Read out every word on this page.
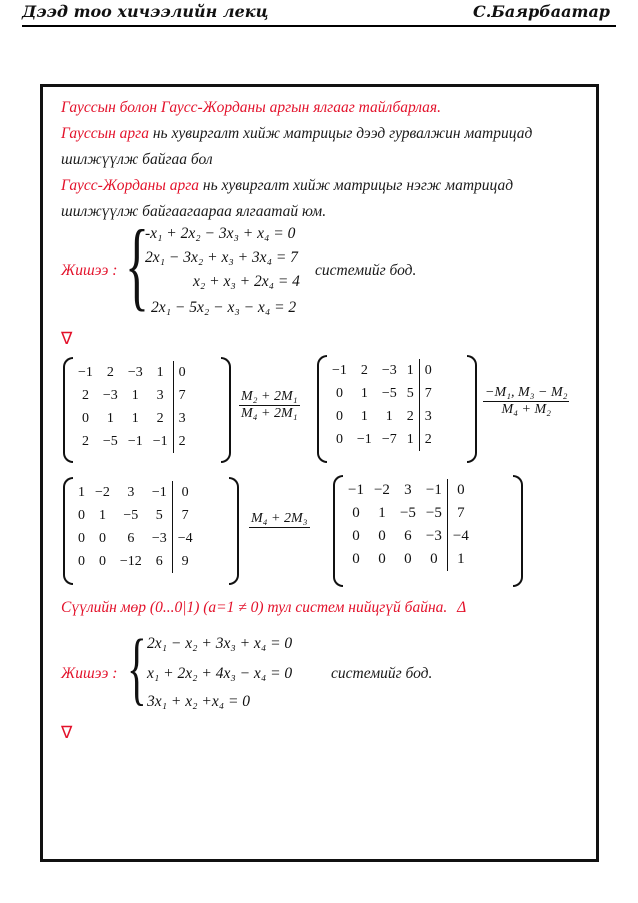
Дээд тоо хичээлийн лекц	С.Баярбаатар
Гауссын болон Гаусс-Жорданы аргын ялгааг тайлбарлая.
Гауссын арга нь хувиргалт хийж матрицыг дээд гурвалжин матрицад
шилжүүлж байгаа бол
Гаусс-Жорданы арга нь хувиргалт хийж матрицыг нэгж матрицад
шилжүүлж байгаагаараа ялгаатай юм.
Жишээ : {
-x₁ + 2x₂ − 3x₃ + x₄ = 0
2x₁ − 3x₂ + x₃ + 3x₄ = 7
x₂ + x₃ + 2x₄ = 4
2x₁ − 5x₂ − x₃ − x₄ = 2
системийг бод.
∇
−1	2	−3	1	0
2	−3	1	3	7
0	1	1	2	3
2	−5	−1	−1	2
M₂ + 2M₁
M₄ + 2M₁
−1	2	−3	1	0
0	1	−5	5	7
0	1	1	2	3
0	−1	−7	1	2
−M₁, M₃ − M₂
M₄ + M₂
1	−2	3	−1	0
0	1	−5	5	7
0	0	6	−3	−4
0	0	−12	6	9
M₄ + 2M₃
−1	−2	3	−1	0
0	1	−5	−5	7
0	0	6	−3	−4
0	0	0	0	1
Сүүлийн мөр (0...0|1) (a=1 ≠ 0) тул систем нийцгүй байна. Δ
Жишээ : { 2x₁ − x₂ + 3x₃ + x₄ = 0
x₁ + 2x₂ + 4x₃ − x₄ = 0
3x₁ + x₂ +x₄ = 0
системийг бод.
∇
